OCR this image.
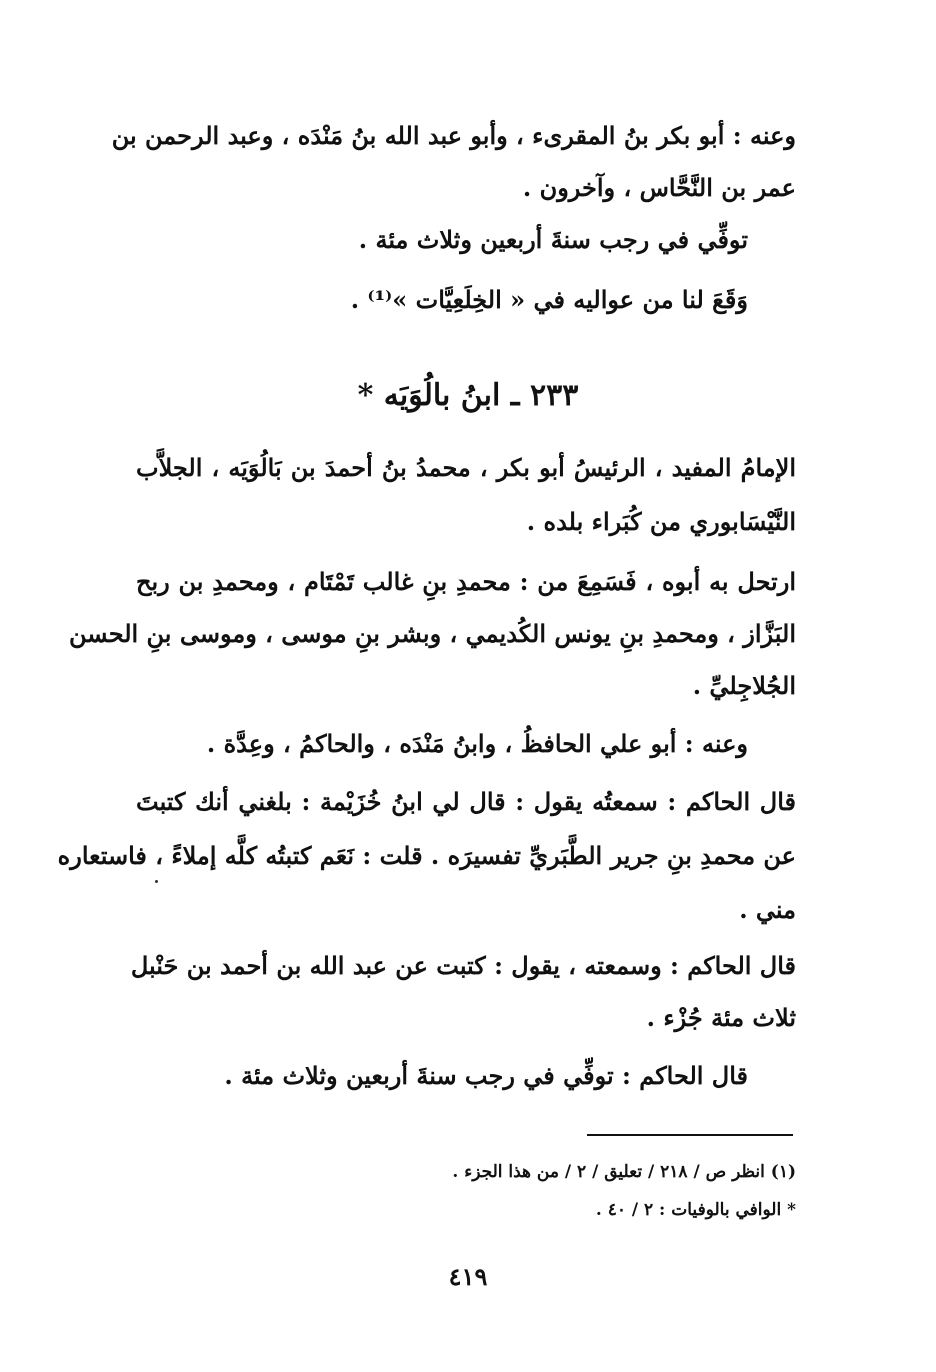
وعنه : أبو بكر بنُ المقرىء ، وأبو عبد الله بنُ مَنْدَه ، وعبد الرحمن بن
عمر بن النَّحَّاس ، وآخرون .
توفِّي في رجب سنةَ أربعين وثلاث مئة .
وَقَعَ لنا من عواليه في « الخِلَعِيَّات »⁽¹⁾ .
٢٣٣ ـ ابنُ بالُوَيَه *
الإمامُ المفيد ، الرئيسُ أبو بكر ، محمدُ بنُ أحمدَ بن بَالُوَيَه ، الجلاَّب
النَّيْسَابوري من كُبَراء بلده .
ارتحل به أبوه ، فَسَمِعَ من : محمدِ بنِ غالب تَمْتَام ، ومحمدِ بن ربح
البَزَّاز ، ومحمدِ بنِ يونس الكُديمي ، وبشر بنِ موسى ، وموسى بنِ الحسن
الجُلاجِليِّ .
وعنه : أبو علي الحافظُ ، وابنُ مَنْدَه ، والحاكمُ ، وعِدَّة .
قال الحاكم : سمعتُه يقول : قال لي ابنُ خُزَيْمة : بلغني أنك كتبتَ
عن محمدِ بنِ جرير الطَّبَريِّ تفسيرَه . قلت : نَعَم كتبتُه كلَّه إملاءً ، فاستعاره
مني .
قال الحاكم : وسمعته ، يقول : كتبت عن عبد الله بن أحمد بن حَنْبل
ثلاث مئة جُزْء .
قال الحاكم : توفِّي في رجب سنةَ أربعين وثلاث مئة .
(١) انظر ص / ٢١٨ / تعليق / ٢ / من هذا الجزء .
* الوافي بالوفيات : ٢ / ٤٠ .
٤١٩
